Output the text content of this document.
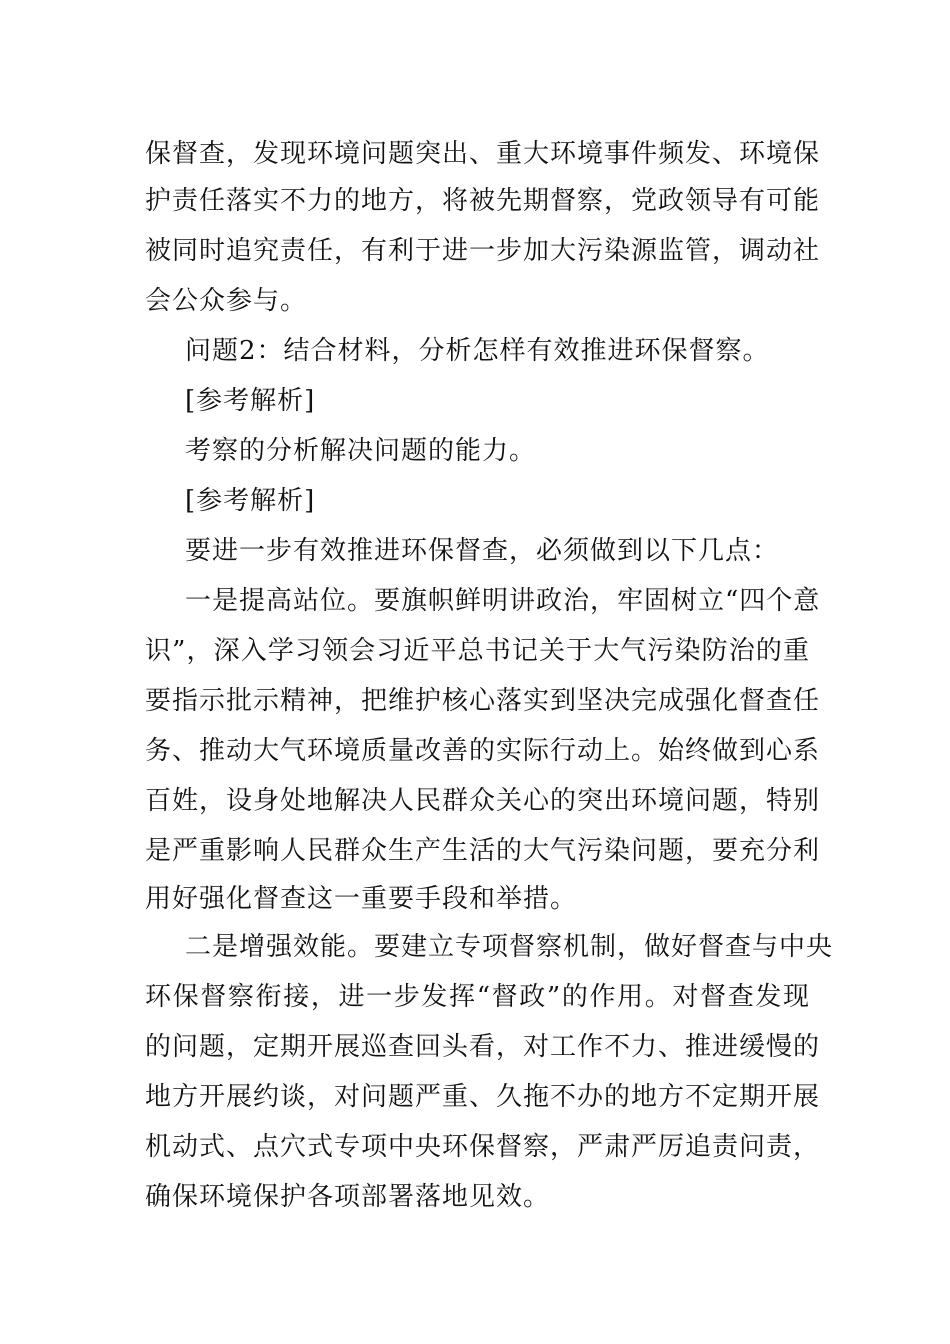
保督查，发现环境问题突出、重大环境事件频发、环境保
护责任落实不力的地方，将被先期督察，党政领导有可能
被同时追究责任，有利于进一步加大污染源监管，调动社
会公众参与。
问题2：结合材料，分析怎样有效推进环保督察。
[参考解析]
考察的分析解决问题的能力。
[参考解析]
要进一步有效推进环保督查，必须做到以下几点：
一是提高站位。要旗帜鲜明讲政治，牢固树立“四个意
识”，深入学习领会习近平总书记关于大气污染防治的重
要指示批示精神，把维护核心落实到坚决完成强化督查任
务、推动大气环境质量改善的实际行动上。始终做到心系
百姓，设身处地解决人民群众关心的突出环境问题，特别
是严重影响人民群众生产生活的大气污染问题，要充分利
用好强化督查这一重要手段和举措。
二是增强效能。要建立专项督察机制，做好督查与中央
环保督察衔接，进一步发挥“督政”的作用。对督查发现
的问题，定期开展巡查回头看，对工作不力、推进缓慢的
地方开展约谈，对问题严重、久拖不办的地方不定期开展
机动式、点穴式专项中央环保督察，严肃严厉追责问责，
确保环境保护各项部署落地见效。
